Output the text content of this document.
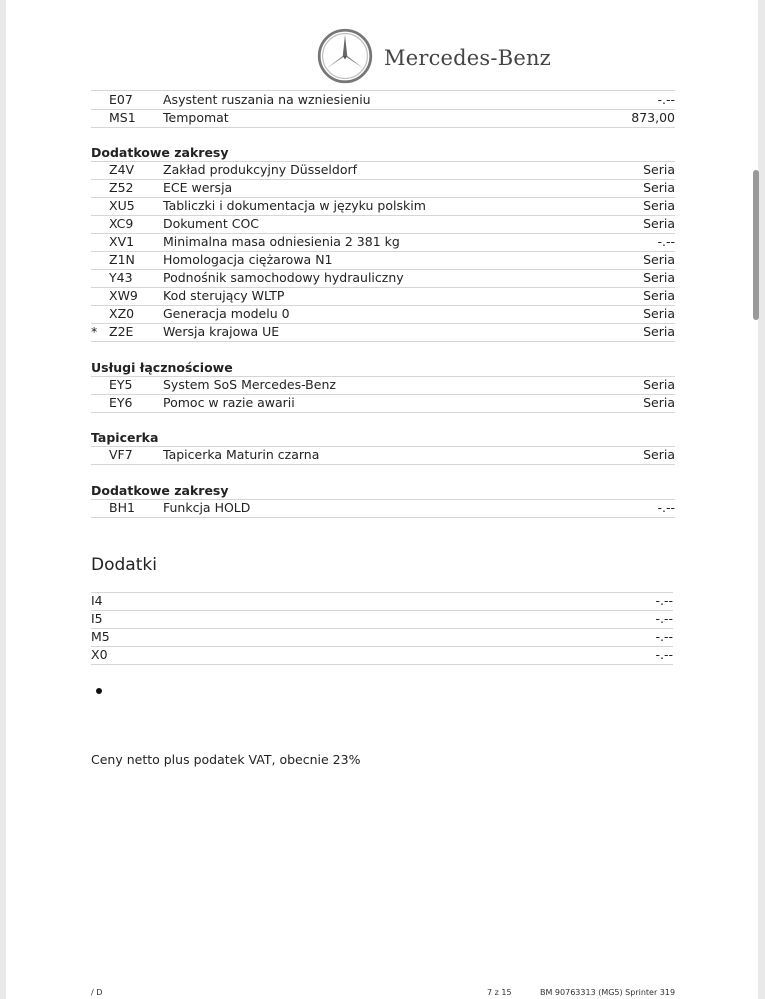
Mercedes-Benz
E07 Asystent ruszania na wzniesieniu	-.--
MS1 Tempomat	873,00
Dodatkowe zakresy
Z4V Zakład produkcyjny Düsseldorf	Seria
Z52 ECE wersja	Seria
XU5 Tabliczki i dokumentacja w języku polskim	Seria
XC9 Dokument COC	Seria
XV1 Minimalna masa odniesienia 2 381 kg	-.--
Z1N Homologacja ciężarowa N1	Seria
Y43 Podnośnik samochodowy hydrauliczny	Seria
XW9 Kod sterujący WLTP	Seria
XZ0 Generacja modelu 0	Seria
* Z2E Wersja krajowa UE	Seria
Usługi łącznościowe
EY5 System SoS Mercedes-Benz	Seria
EY6 Pomoc w razie awarii	Seria
Tapicerka
VF7 Tapicerka Maturin czarna	Seria
Dodatkowe zakresy
BH1 Funkcja HOLD	-.--
Dodatki
I4	-.--
I5	-.--
M5	-.--
X0	-.--
Ceny netto plus podatek VAT, obecnie 23%
/ D	7 z 15	BM 90763313 (MG5) Sprinter 319
